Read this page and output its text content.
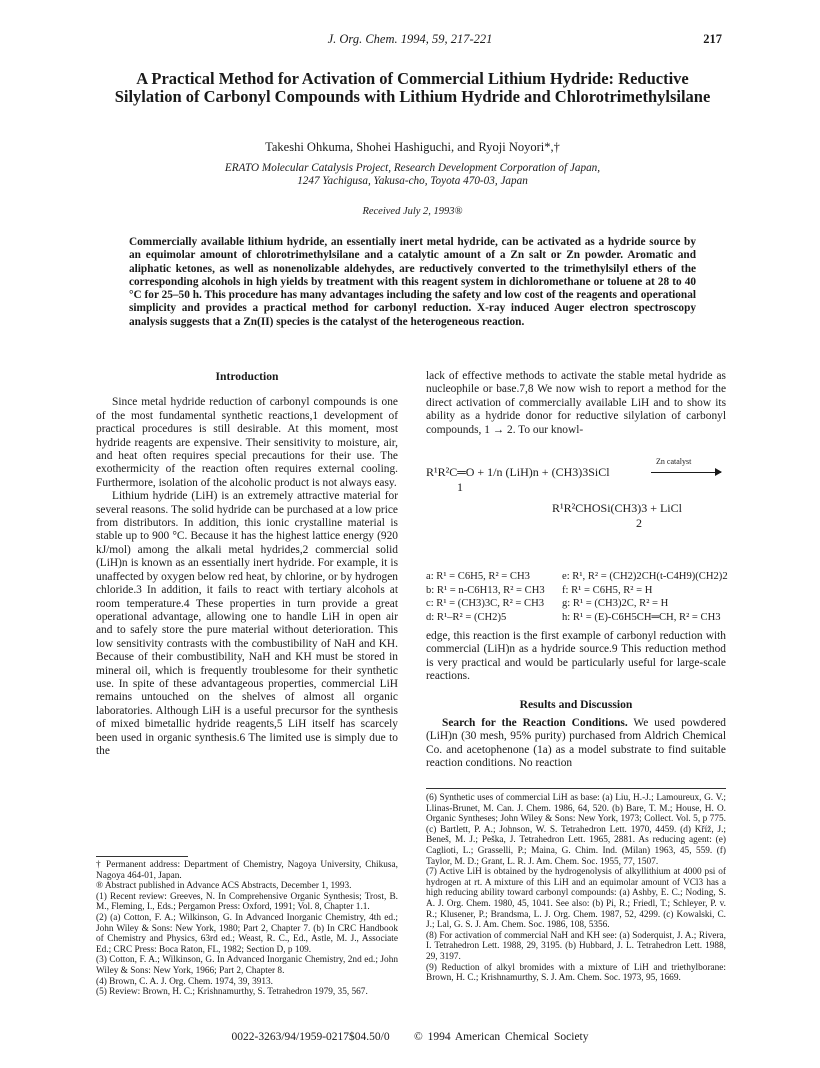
J. Org. Chem. 1994, 59, 217-221	217
A Practical Method for Activation of Commercial Lithium Hydride: Reductive Silylation of Carbonyl Compounds with Lithium Hydride and Chlorotrimethylsilane
Takeshi Ohkuma, Shohei Hashiguchi, and Ryoji Noyori*,†
ERATO Molecular Catalysis Project, Research Development Corporation of Japan,
1247 Yachigusa, Yakusa-cho, Toyota 470-03, Japan
Received July 2, 1993®
Commercially available lithium hydride, an essentially inert metal hydride, can be activated as a hydride source by an equimolar amount of chlorotrimethylsilane and a catalytic amount of a Zn salt or Zn powder. Aromatic and aliphatic ketones, as well as nonenolizable aldehydes, are reductively converted to the trimethylsilyl ethers of the corresponding alcohols in high yields by treatment with this reagent system in dichloromethane or toluene at 28 to 40 °C for 25–50 h. This procedure has many advantages including the safety and low cost of the reagents and operational simplicity and provides a practical method for carbonyl reduction. X-ray induced Auger electron spectroscopy analysis suggests that a Zn(II) species is the catalyst of the heterogeneous reaction.
Introduction

Since metal hydride reduction of carbonyl compounds is one of the most fundamental synthetic reactions,1 development of practical procedures is still desirable. At this moment, most hydride reagents are expensive. Their sensitivity to moisture, air, and heat often requires special precautions for their use. The exothermicity of the reaction often requires external cooling. Furthermore, isolation of the alcoholic product is not always easy.

Lithium hydride (LiH) is an extremely attractive material for several reasons. The solid hydride can be purchased at a low price from distributors. In addition, this ionic crystalline material is stable up to 900 °C. Because it has the highest lattice energy (920 kJ/mol) among the alkali metal hydrides,2 commercial solid (LiH)n is known as an essentially inert hydride. For example, it is unaffected by oxygen below red heat, by chlorine, or by hydrogen chloride.3 In addition, it fails to react with tertiary alcohols at room temperature.4 These properties in turn provide a great operational advantage, allowing one to handle LiH in open air and to safely store the pure material without deterioration. This low sensitivity contrasts with the combustibility of NaH and KH. Because of their combustibility, NaH and KH must be stored in mineral oil, which is frequently troublesome for their synthetic use. In spite of these advantageous properties, commercial LiH remains untouched on the shelves of almost all organic laboratories. Although LiH is a useful precursor for the synthesis of mixed bimetallic hydride reagents,5 LiH itself has scarcely been used in organic synthesis.6 The limited use is simply due to the

† Permanent address: Department of Chemistry, Nagoya University, Chikusa, Nagoya 464-01, Japan.

® Abstract published in Advance ACS Abstracts, December 1, 1993.

(1) Recent review: Greeves, N. In Comprehensive Organic Synthesis; Trost, B. M., Fleming, I., Eds.; Pergamon Press: Oxford, 1991; Vol. 8, Chapter 1.1.

(2) (a) Cotton, F. A.; Wilkinson, G. In Advanced Inorganic Chemistry, 4th ed.; John Wiley & Sons: New York, 1980; Part 2, Chapter 7. (b) In CRC Handbook of Chemistry and Physics, 63rd ed.; Weast, R. C., Ed., Astle, M. J., Associate Ed.; CRC Press: Boca Raton, FL, 1982; Section D, p 109.

(3) Cotton, F. A.; Wilkinson, G. In Advanced Inorganic Chemistry, 2nd ed.; John Wiley & Sons: New York, 1966; Part 2, Chapter 8.

(4) Brown, C. A. J. Org. Chem. 1974, 39, 3913.

(5) Review: Brown, H. C.; Krishnamurthy, S. Tetrahedron 1979, 35, 567.

lack of effective methods to activate the stable metal hydride as nucleophile or base.7,8 We now wish to report a method for the direct activation of commercially available LiH and to show its ability as a hydride donor for reductive silylation of carbonyl compounds, 1 → 2. To our knowl-

R¹R²C═O + 1/n (LiH)n + (CH3)3SiCl
Zn catalyst
1
R¹R²CHOSi(CH3)3 + LiCl
2
a: R¹ = C6H5, R² = CH3
b: R¹ = n-C6H13, R² = CH3
c: R¹ = (CH3)3C, R² = CH3
d: R¹–R² = (CH2)5
e: R¹, R² = (CH2)2CH(t-C4H9)(CH2)2
f: R¹ = C6H5, R² = H
g: R¹ = (CH3)2C, R² = H
h: R¹ = (E)-C6H5CH═CH, R² = CH3

edge, this reaction is the first example of carbonyl reduction with commercial (LiH)n as a hydride source.9 This reduction method is very practical and would be particularly useful for large-scale reactions.

Results and Discussion

Search for the Reaction Conditions. We used powdered (LiH)n (30 mesh, 95% purity) purchased from Aldrich Chemical Co. and acetophenone (1a) as a model substrate to find suitable reaction conditions. No reaction

(6) Synthetic uses of commercial LiH as base: (a) Liu, H.-J.; Lamoureux, G. V.; Llinas-Brunet, M. Can. J. Chem. 1986, 64, 520. (b) Bare, T. M.; House, H. O. Organic Syntheses; John Wiley & Sons: New York, 1973; Collect. Vol. 5, p 775. (c) Bartlett, P. A.; Johnson, W. S. Tetrahedron Lett. 1970, 4459. (d) Kříž, J.; Beneš, M. J.; Peška, J. Tetrahedron Lett. 1965, 2881. As reducing agent: (e) Caglioti, L.; Grasselli, P.; Maina, G. Chim. Ind. (Milan) 1963, 45, 559. (f) Taylor, M. D.; Grant, L. R. J. Am. Chem. Soc. 1955, 77, 1507.

(7) Active LiH is obtained by the hydrogenolysis of alkyllithium at 4000 psi of hydrogen at rt. A mixture of this LiH and an equimolar amount of VCl3 has a high reducing ability toward carbonyl compounds: (a) Ashby, E. C.; Noding, S. A. J. Org. Chem. 1980, 45, 1041. See also: (b) Pi, R.; Friedl, T.; Schleyer, P. v. R.; Klusener, P.; Brandsma, L. J. Org. Chem. 1987, 52, 4299. (c) Kowalski, C. J.; Lal, G. S. J. Am. Chem. Soc. 1986, 108, 5356.

(8) For activation of commercial NaH and KH see: (a) Soderquist, J. A.; Rivera, I. Tetrahedron Lett. 1988, 29, 3195. (b) Hubbard, J. L. Tetrahedron Lett. 1988, 29, 3197.

(9) Reduction of alkyl bromides with a mixture of LiH and triethylborane: Brown, H. C.; Krishnamurthy, S. J. Am. Chem. Soc. 1973, 95, 1669.

0022-3263/94/1959-0217$04.50/0 © 1994 American Chemical Society
